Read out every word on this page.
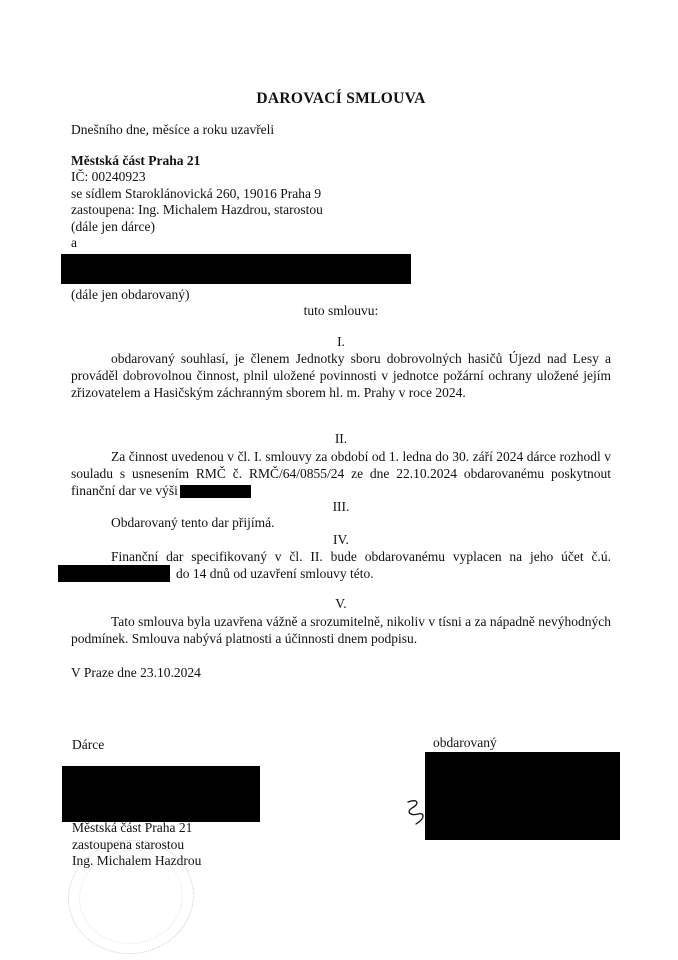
DAROVACÍ SMLOUVA

Dnešního dne, měsíce a roku uzavřeli

Městská část Praha 21

IČ: 00240923

se sídlem Staroklánovická 260, 19016 Praha 9

zastoupena: Ing. Michalem Hazdrou, starostou

(dále jen dárce)

a

(dále jen obdarovaný)

tuto smlouvu:

I.

obdarovaný souhlasí, je členem Jednotky sboru dobrovolných hasičů Újezd nad Lesy a prováděl dobrovolnou činnost, plnil uložené povinnosti v jednotce požární ochrany uložené jejím zřizovatelem a Hasičským záchranným sborem hl. m. Prahy v roce 2024.

II.

Za činnost uvedenou v čl. I. smlouvy za období od 1. ledna do 30. září 2024 dárce rozhodl v souladu s usnesením RMČ č. RMČ/64/0855/24 ze dne 22.10.2024 obdarovanému poskytnout finanční dar ve výši

III.

Obdarovaný tento dar přijímá.

IV.

Finanční dar specifikovaný v čl. II. bude obdarovanému vyplacen na jeho účet č.ú.

do 14 dnů od uzavření smlouvy této.

V.

Tato smlouva byla uzavřena vážně a srozumitelně, nikoliv v tísni a za nápadně nevýhodných podmínek. Smlouva nabývá platnosti a účinnosti dnem podpisu.

V Praze dne 23.10.2024

Dárce	obdarovaný

Městská část Praha 21

zastoupena starostou

Ing. Michalem Hazdrou
